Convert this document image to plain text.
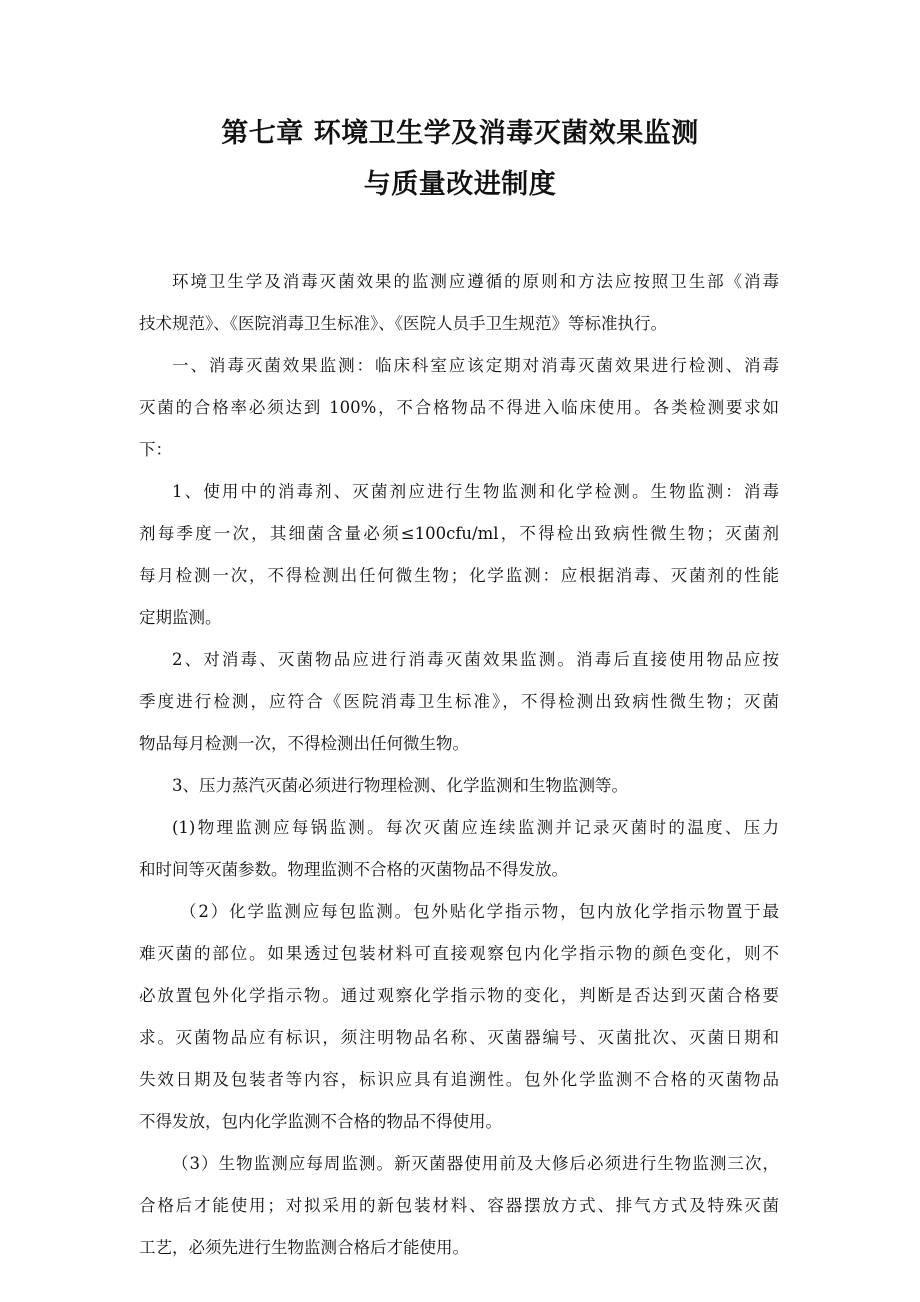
第七章 环境卫生学及消毒灭菌效果监测
与质量改进制度
环境卫生学及消毒灭菌效果的监测应遵循的原则和方法应按照卫生部《消毒
技术规范》、《医院消毒卫生标准》、《医院人员手卫生规范》等标准执行。
一、消毒灭菌效果监测：临床科室应该定期对消毒灭菌效果进行检测、消毒
灭菌的合格率必须达到 100%，不合格物品不得进入临床使用。各类检测要求如
下：
1、使用中的消毒剂、灭菌剂应进行生物监测和化学检测。生物监测：消毒
剂每季度一次，其细菌含量必须≤100cfu/ml，不得检出致病性微生物；灭菌剂
每月检测一次，不得检测出任何微生物；化学监测：应根据消毒、灭菌剂的性能
定期监测。
2、对消毒、灭菌物品应进行消毒灭菌效果监测。消毒后直接使用物品应按
季度进行检测，应符合《医院消毒卫生标准》，不得检测出致病性微生物；灭菌
物品每月检测一次，不得检测出任何微生物。
3、压力蒸汽灭菌必须进行物理检测、化学监测和生物监测等。
(1)物理监测应每锅监测。每次灭菌应连续监测并记录灭菌时的温度、压力
和时间等灭菌参数。物理监测不合格的灭菌物品不得发放。
（2）化学监测应每包监测。包外贴化学指示物，包内放化学指示物置于最
难灭菌的部位。如果透过包装材料可直接观察包内化学指示物的颜色变化，则不
必放置包外化学指示物。通过观察化学指示物的变化，判断是否达到灭菌合格要
求。灭菌物品应有标识，须注明物品名称、灭菌器编号、灭菌批次、灭菌日期和
失效日期及包装者等内容，标识应具有追溯性。包外化学监测不合格的灭菌物品
不得发放，包内化学监测不合格的物品不得使用。
（3）生物监测应每周监测。新灭菌器使用前及大修后必须进行生物监测三次，
合格后才能使用；对拟采用的新包装材料、容器摆放方式、排气方式及特殊灭菌
工艺，必须先进行生物监测合格后才能使用。
